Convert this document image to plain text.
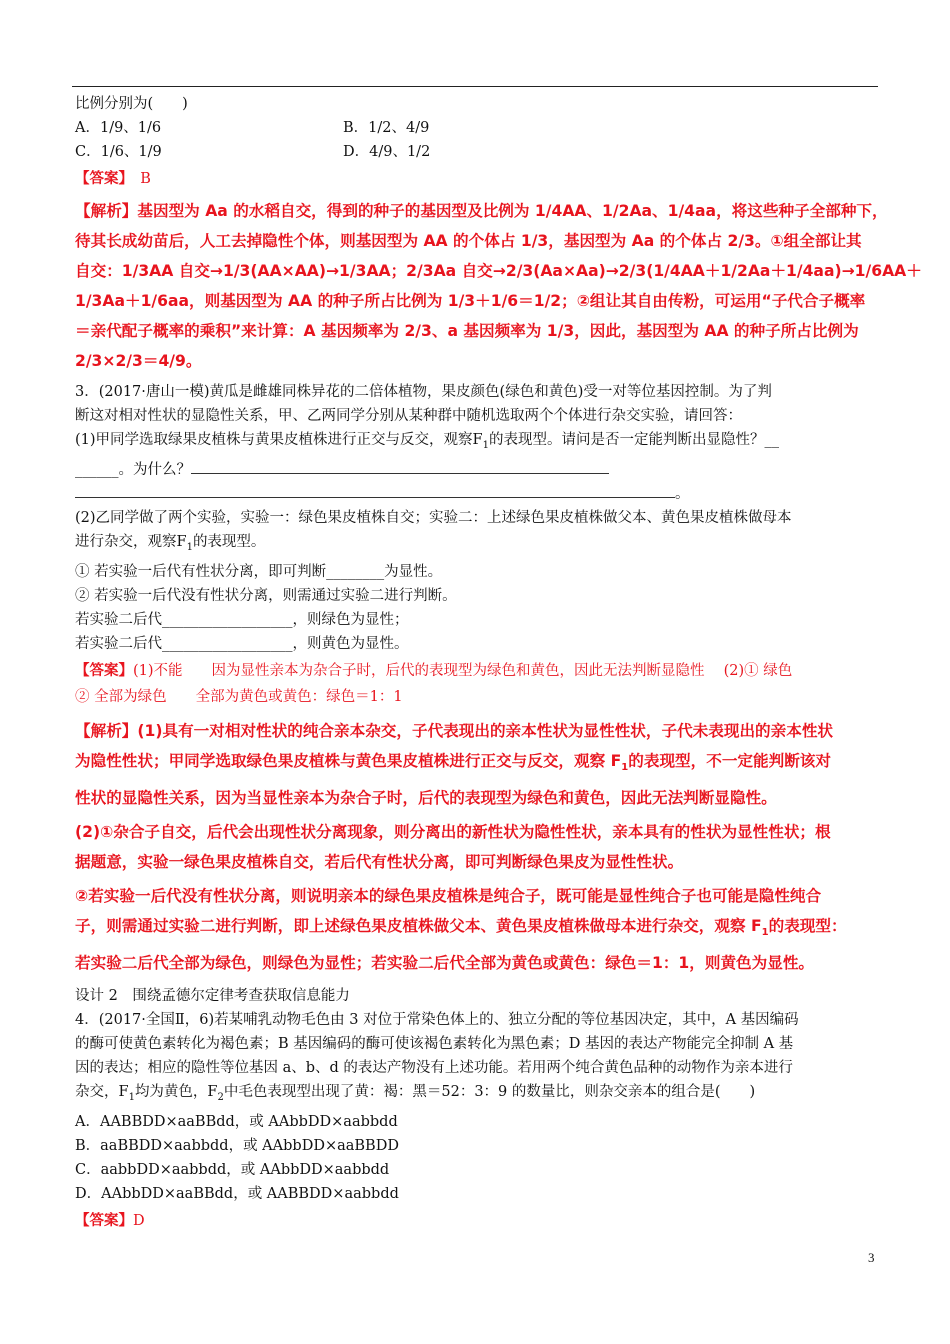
比例分别为(　　)
A．1/9、1/6	B．1/2、4/9
C．1/6、1/9	D．4/9、1/2
【答案】　B
【解析】基因型为 Aa 的水稻自交，得到的种子的基因型及比例为 1/4AA、1/2Aa、1/4aa，将这些种子全部种下，
待其长成幼苗后，人工去掉隐性个体，则基因型为 AA 的个体占 1/3，基因型为 Aa 的个体占 2/3。①组全部让其
自交：1/3AA 自交→1/3(AA×AA)→1/3AA；2/3Aa 自交→2/3(Aa×Aa)→2/3(1/4AA＋1/2Aa＋1/4aa)→1/6AA＋
1/3Aa＋1/6aa，则基因型为 AA 的种子所占比例为 1/3＋1/6＝1/2；②组让其自由传粉，可运用“子代合子概率
＝亲代配子概率的乘积”来计算：A 基因频率为 2/3、a 基因频率为 1/3，因此，基因型为 AA 的种子所占比例为
2/3×2/3＝4/9。
3．(2017·唐山一模)黄瓜是雌雄同株异花的二倍体植物，果皮颜色(绿色和黄色)受一对等位基因控制。为了判
断这对相对性状的显隐性关系，甲、乙两同学分别从某种群中随机选取两个个体进行杂交实验，请回答：
(1)甲同学选取绿果皮植株与黄果皮植株进行正交与反交，观察$F_1$的表现型。请问是否一定能判断出显隐性？__
______。为什么？
。
(2)乙同学做了两个实验，实验一：绿色果皮植株自交；实验二：上述绿色果皮植株做父本、黄色果皮植株做母本
进行杂交，观察$F_1$的表现型。
① 若实验一后代有性状分离，即可判断________为显性。
② 若实验一后代没有性状分离，则需通过实验二进行判断。
若实验二后代__________________，则绿色为显性；
若实验二后代__________________，则黄色为显性。
【答案】(1)不能　　因为显性亲本为杂合子时，后代的表现型为绿色和黄色，因此无法判断显隐性　 (2)① 绿色
② 全部为绿色　　全部为黄色或黄色：绿色＝1：1
【解析】(1)具有一对相对性状的纯合亲本杂交，子代表现出的亲本性状为显性性状，子代未表现出的亲本性状
为隐性性状；甲同学选取绿色果皮植株与黄色果皮植株进行正交与反交，观察 $F_1$的表现型，不一定能判断该对
性状的显隐性关系，因为当显性亲本为杂合子时，后代的表现型为绿色和黄色，因此无法判断显隐性。
(2)①杂合子自交，后代会出现性状分离现象，则分离出的新性状为隐性性状，亲本具有的性状为显性性状；根
据题意，实验一绿色果皮植株自交，若后代有性状分离，即可判断绿色果皮为显性性状。
②若实验一后代没有性状分离，则说明亲本的绿色果皮植株是纯合子，既可能是显性纯合子也可能是隐性纯合
子，则需通过实验二进行判断，即上述绿色果皮植株做父本、黄色果皮植株做母本进行杂交，观察 $F_1$的表现型：
若实验二后代全部为绿色，则绿色为显性；若实验二后代全部为黄色或黄色：绿色＝1：1，则黄色为显性。
设计 2　围绕孟德尔定律考查获取信息能力
4．(2017·全国Ⅱ，6)若某哺乳动物毛色由 3 对位于常染色体上的、独立分配的等位基因决定，其中，A 基因编码
的酶可使黄色素转化为褐色素；B 基因编码的酶可使该褐色素转化为黑色素；D 基因的表达产物能完全抑制 A 基
因的表达；相应的隐性等位基因 a、b、d 的表达产物没有上述功能。若用两个纯合黄色品种的动物作为亲本进行
杂交，$F_1$均为黄色，$F_2$中毛色表现型出现了黄：褐：黑＝52：3：9 的数量比，则杂交亲本的组合是(　　)
A．AABBDD×aaBBdd，或 AAbbDD×aabbdd
B．aaBBDD×aabbdd，或 AAbbDD×aaBBDD
C．aabbDD×aabbdd，或 AAbbDD×aabbdd
D．AAbbDD×aaBBdd，或 AABBDD×aabbdd
【答案】D
3
